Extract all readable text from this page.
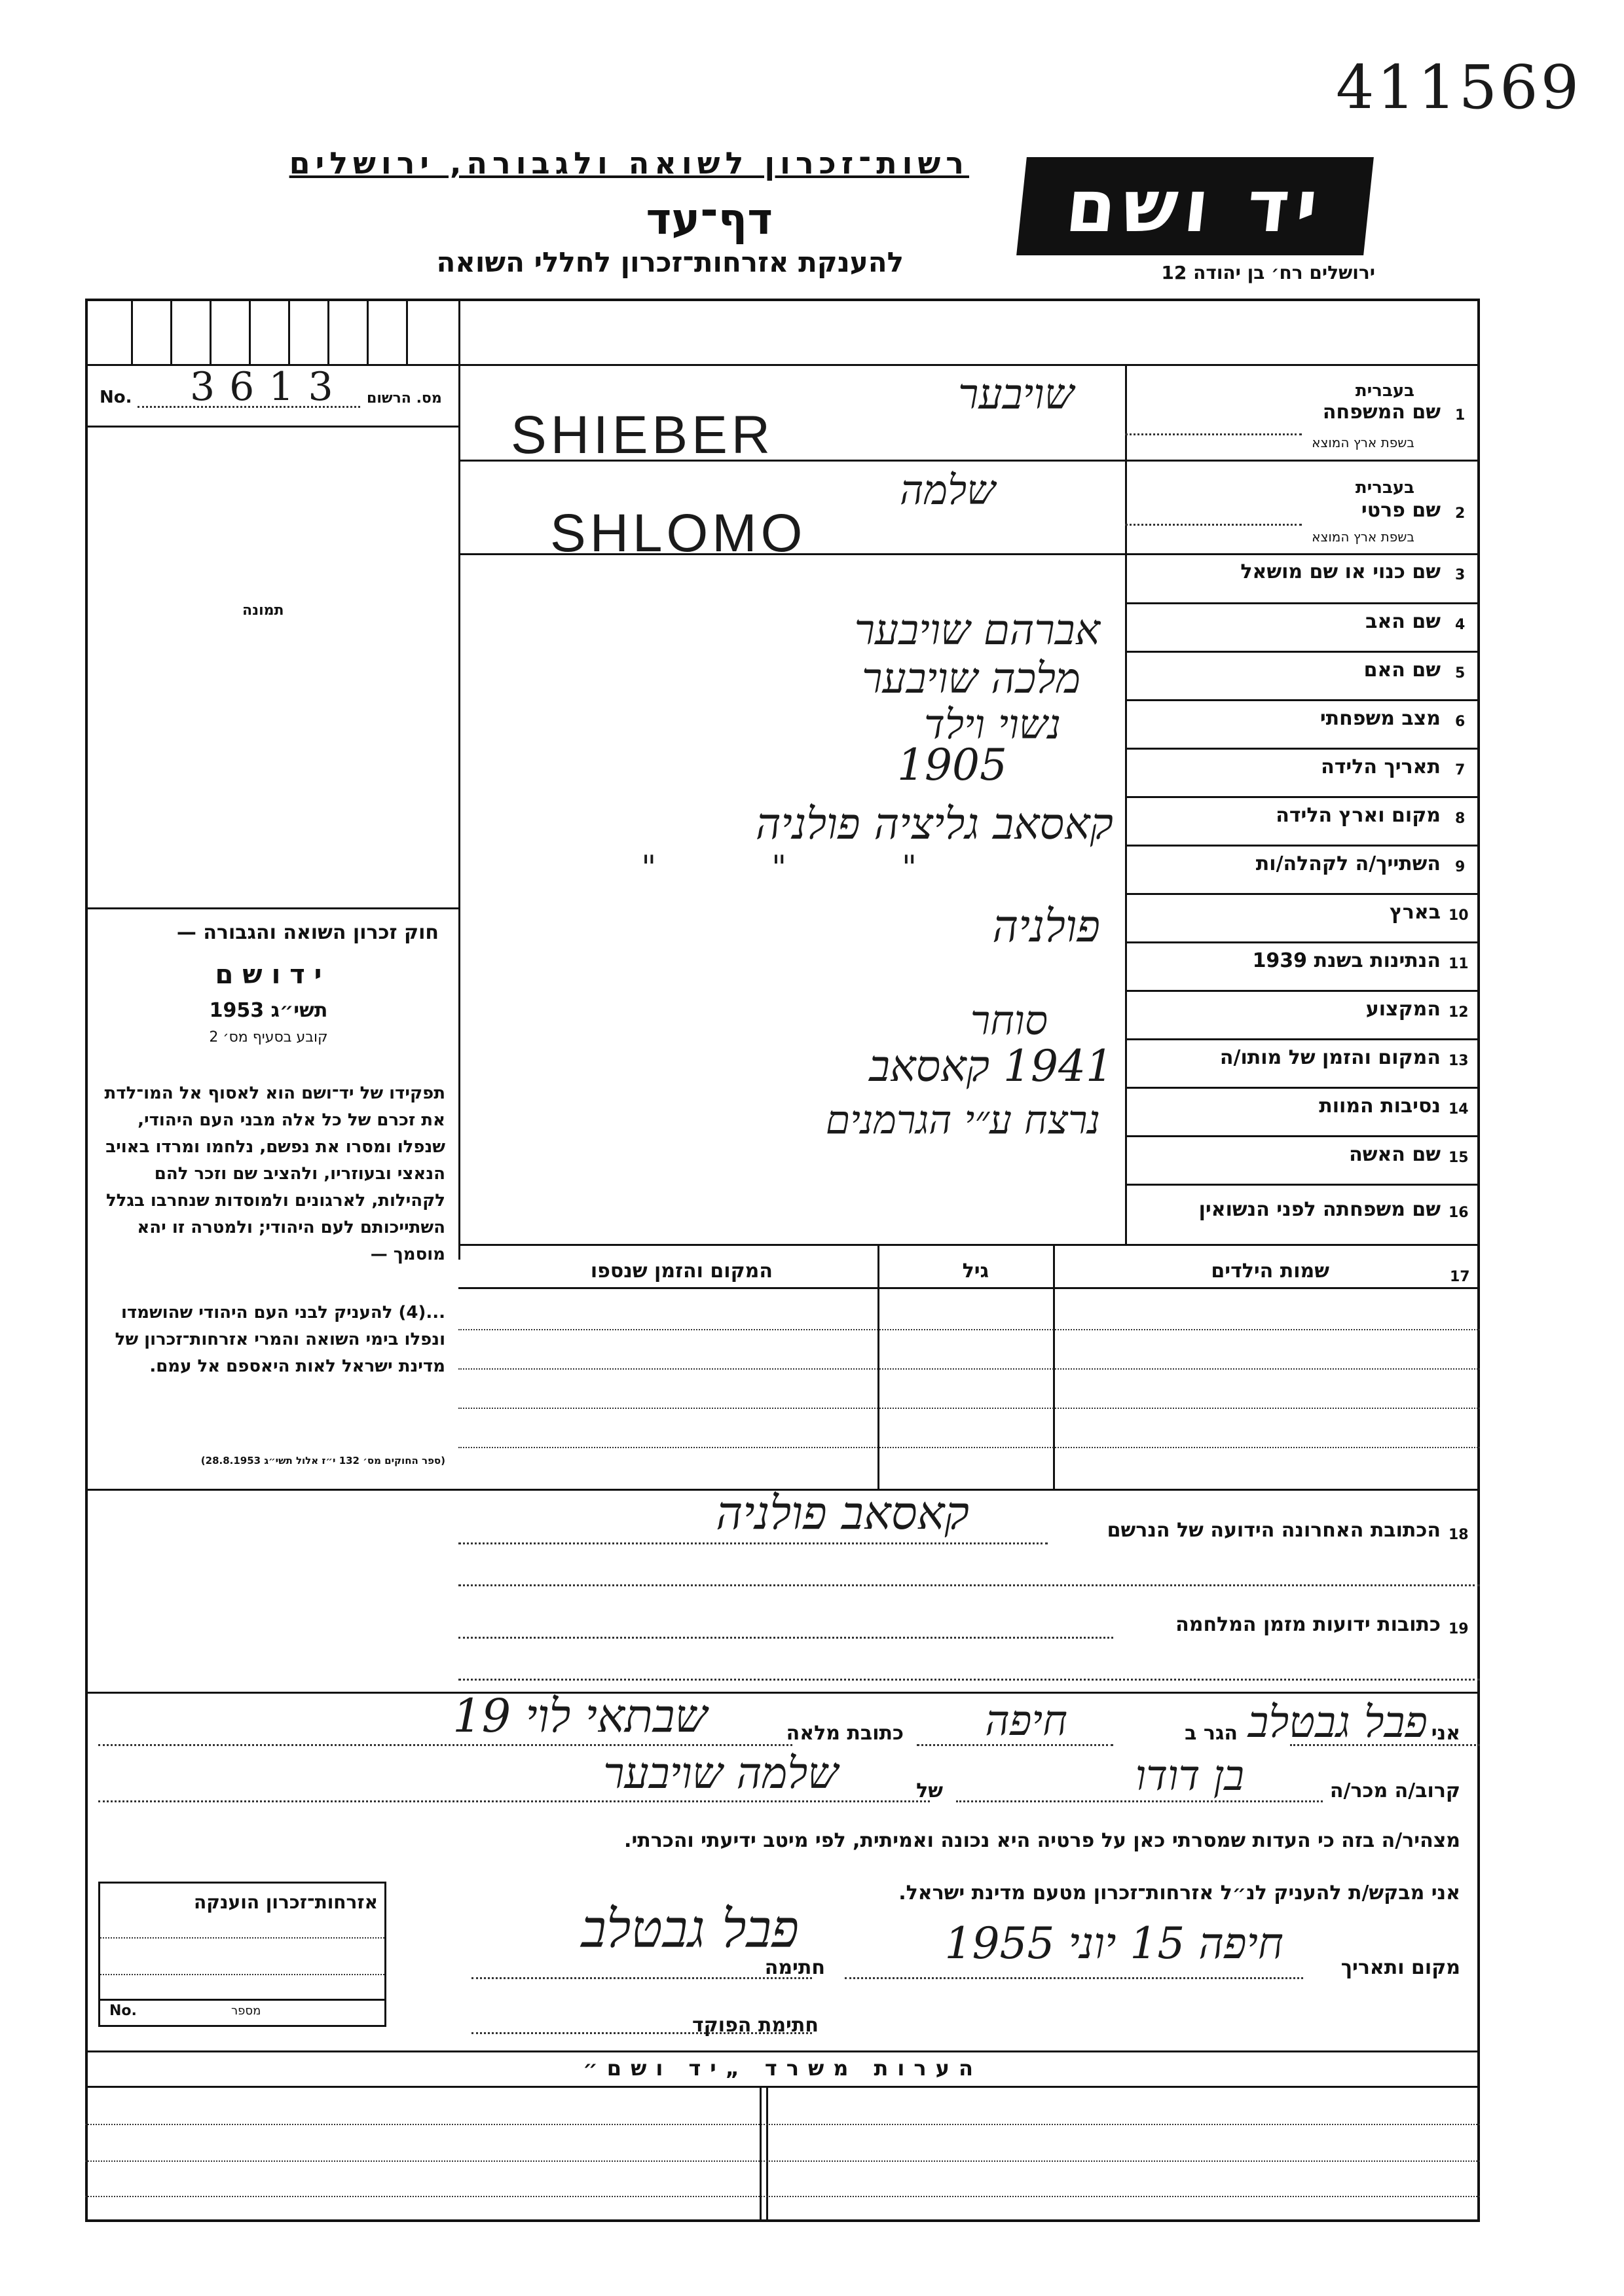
411569
רשות־זכרון לשואה ולגבורה, ירושלים
דף־עד
להענקת אזרחות־זכרון לחללי השואה
יד ושם
ירושלים רח׳ בן יהודה 12
No. 3613 מס. הרשום
תמונה
חוק זכרון השואה והגבורה —
י ד ו ש ם
תשי״ג 1953
קובע בסעיף מס׳ 2
תפקידו של יד־ושם הוא לאסוף אל המו־לדת את זכרם של כל אלה מבני העם היהודי, שנפלו ומסרו את נפשם, נלחמו ומרדו באויב הנאצי ובעוזריו, ולהציב שם וזכר להם לקהילות, לארגונים ולמוסדות שנחרבו בגלל השתייכותם לעם היהודי; ולמטרה זו יהא מוסמך —
...(4) להעניק לבני העם היהודי שהושמדו ונפלו בימי השואה והמרי אזרחות־זכרון של מדינת ישראל לאות היאספם אל עמם.
(ספר החוקים מס׳ 132 י״ז אלול תשי״ג 28.8.1953)
1
שם המשפחה
בעברית
בשפת ארץ המוצא
שויבער
SHIEBER
2
שם פרטי
בעברית
בשפת ארץ המוצא
שלמה
SHLOMO
3
שם כנוי או שם מושאל
4
שם האב
5
שם האם
6
מצב משפחתי
7
תאריך הלידה
8
מקום וארץ הלידה
9
השתייך/ה לקהלה/ות
10
בארץ
11
הנתינות בשנת 1939
12
המקצוע
13
המקום והזמן של מותו/ה
14
נסיבות המוות
15
שם האשה
16
שם משפחתה לפני הנשואין
אברהם שויבער
מלכה שויבער
נשוי וילד
1905
קאסאב גליציה פולניה
" " "
פולניה
סוחר
1941 קאסאב
נרצח ע״י הגרמנים
17
שמות הילדים
גיל
המקום והזמן שנספו
18
הכתובת האחרונה הידועה של הנרשם
קאסאב פולניה
19
כתובות ידועות מזמן המלחמה
אני
פבל גבטלב
הגר ב
חיפה
כתובת מלאה
שבתאי לוי 19
קרוב/ה מכר/ה
בן דודו
של
שלמה שויבער
מצהיר/ה בזה כי העדות שמסרתי כאן על פרטיה היא נכונה ואמיתית, לפי מיטב ידיעתי והכרתי.
אני מבקש/ת להעניק לנ״ל אזרחות־זכרון מטעם מדינת ישראל.
מקום ותאריך
חיפה 15 יוני 1955
חתימה
פבל גבטלב
חתימת הפוקד
אזרחות־זכרון הוענקה
No.	מספר
הערות משרד „יד ושם״
